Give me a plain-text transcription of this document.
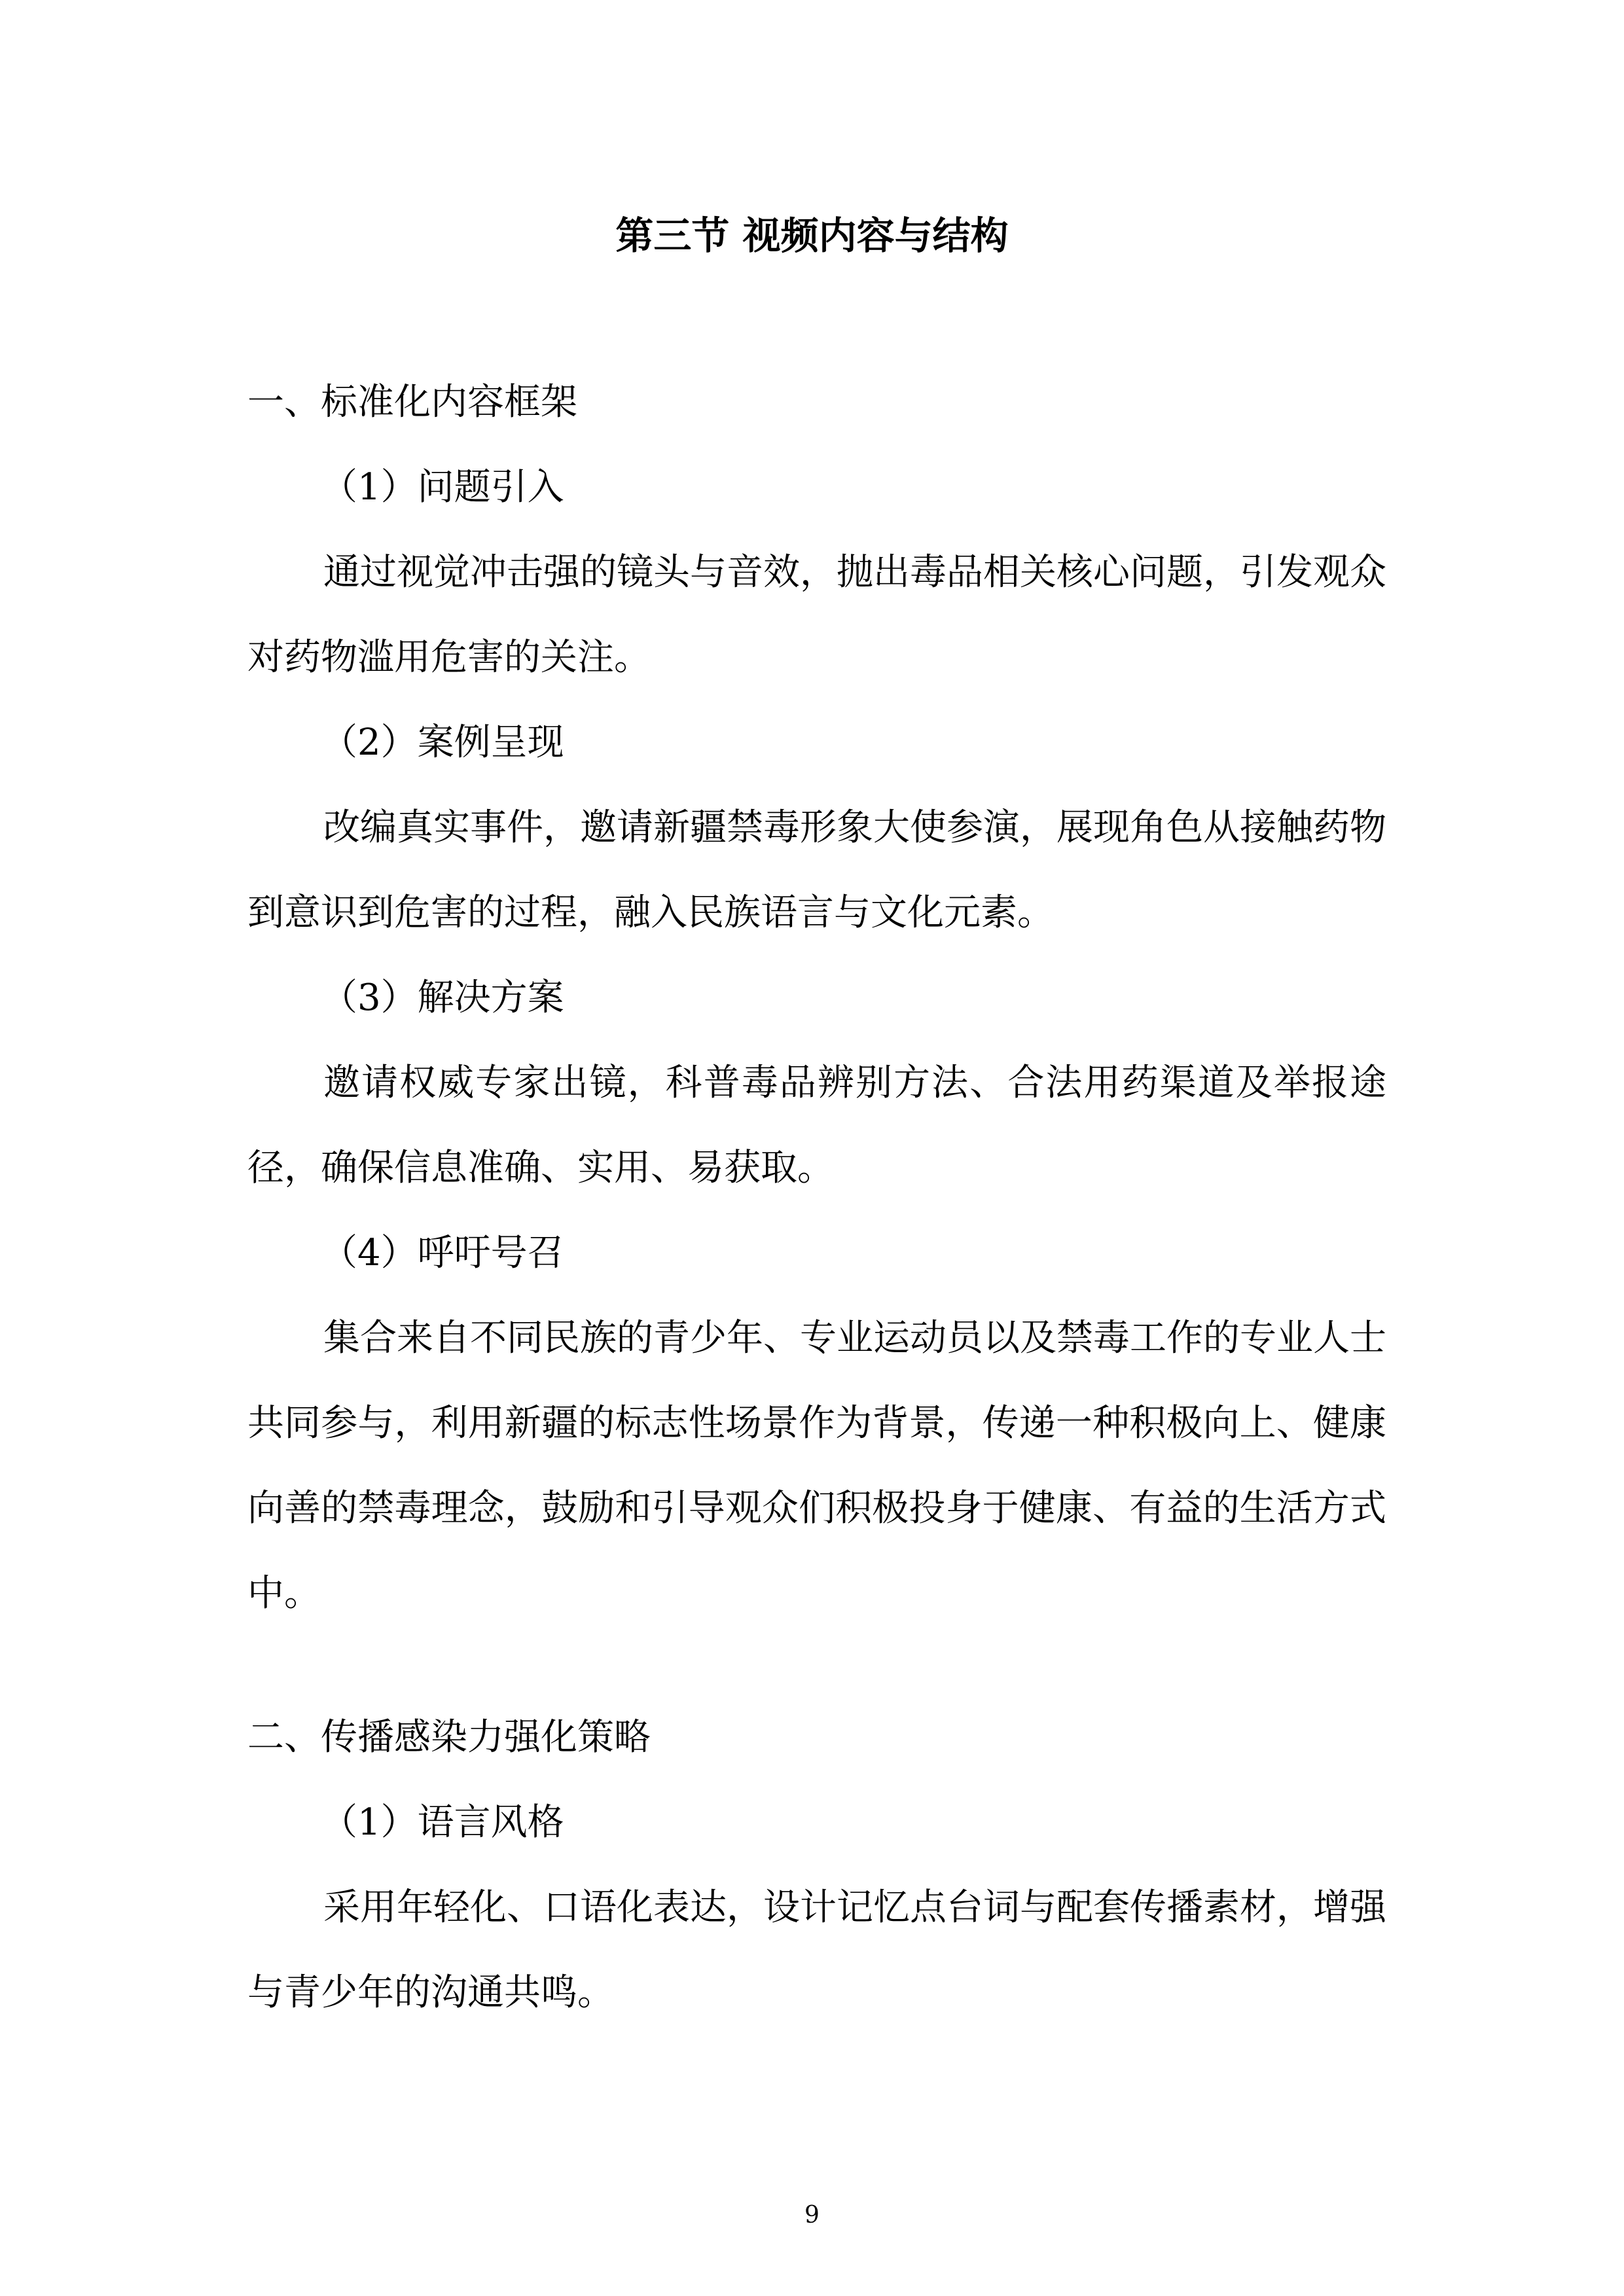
第三节 视频内容与结构
一、标准化内容框架
（1）问题引入
通过视觉冲击强的镜头与音效，抛出毒品相关核心问题，引发观众对药物滥用危害的关注。
（2）案例呈现
改编真实事件，邀请新疆禁毒形象大使参演，展现角色从接触药物到意识到危害的过程，融入民族语言与文化元素。
（3）解决方案
邀请权威专家出镜，科普毒品辨别方法、合法用药渠道及举报途径，确保信息准确、实用、易获取。
（4）呼吁号召
集合来自不同民族的青少年、专业运动员以及禁毒工作的专业人士共同参与，利用新疆的标志性场景作为背景，传递一种积极向上、健康向善的禁毒理念，鼓励和引导观众们积极投身于健康、有益的生活方式中。
二、传播感染力强化策略
（1）语言风格
采用年轻化、口语化表达，设计记忆点台词与配套传播素材，增强与青少年的沟通共鸣。
9
